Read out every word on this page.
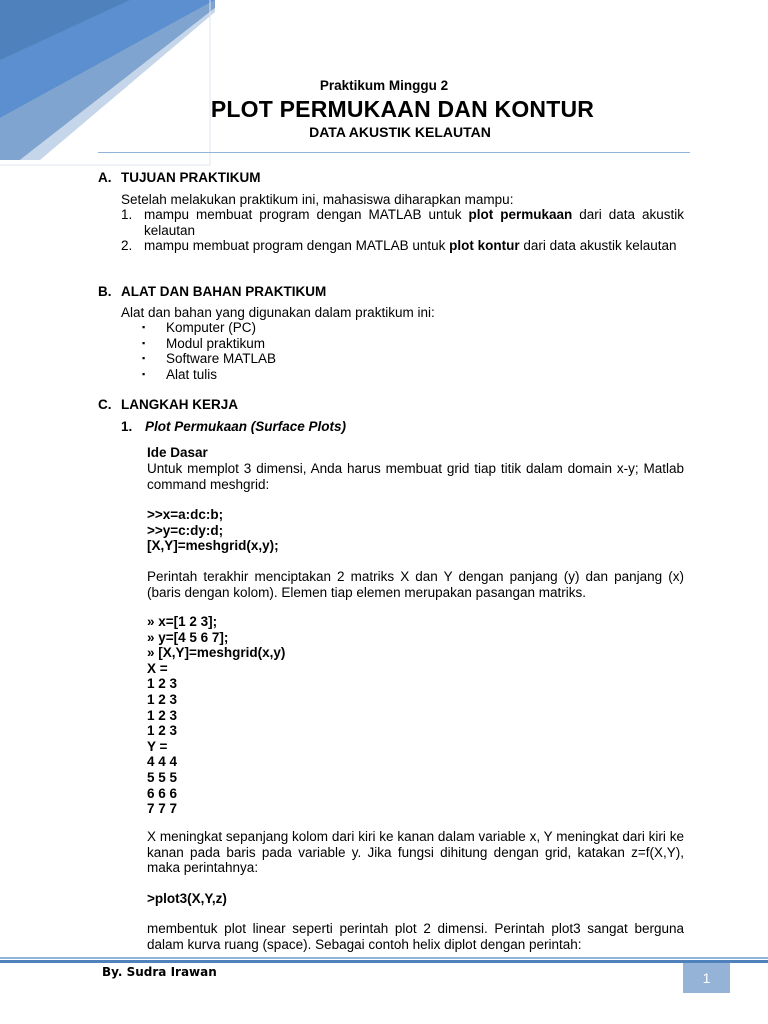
Praktikum Minggu 2
PLOT PERMUKAAN DAN KONTUR
DATA AKUSTIK KELAUTAN
A. TUJUAN PRAKTIKUM
Setelah melakukan praktikum ini, mahasiswa diharapkan mampu:
1. mampu membuat program dengan MATLAB untuk plot permukaan dari data akustik kelautan
2. mampu membuat program dengan MATLAB untuk plot kontur dari data akustik kelautan
B. ALAT DAN BAHAN PRAKTIKUM
Alat dan bahan yang digunakan dalam praktikum ini:
▪	Komputer (PC)
▪	Modul praktikum
▪	Software MATLAB
▪	Alat tulis
C. LANGKAH KERJA
1. Plot Permukaan (Surface Plots)
Ide Dasar
Untuk memplot 3 dimensi, Anda harus membuat grid tiap titik dalam domain x-y; Matlab command meshgrid:
>>x=a:dc:b;
>>y=c:dy:d;
[X,Y]=meshgrid(x,y);
Perintah terakhir menciptakan 2 matriks X dan Y dengan panjang (y) dan panjang (x) (baris dengan kolom). Elemen tiap elemen merupakan pasangan matriks.
» x=[1 2 3];
» y=[4 5 6 7];
» [X,Y]=meshgrid(x,y)
X =
1 2 3
1 2 3
1 2 3
1 2 3
Y =
4 4 4
5 5 5
6 6 6
7 7 7
X meningkat sepanjang kolom dari kiri ke kanan dalam variable x, Y meningkat dari kiri ke kanan pada baris pada variable y. Jika fungsi dihitung dengan grid, katakan z=f(X,Y), maka perintahnya:
>plot3(X,Y,z)
membentuk plot linear seperti perintah plot 2 dimensi. Perintah plot3 sangat berguna dalam kurva ruang (space). Sebagai contoh helix diplot dengan perintah:
By. Sudra Irawan	1
